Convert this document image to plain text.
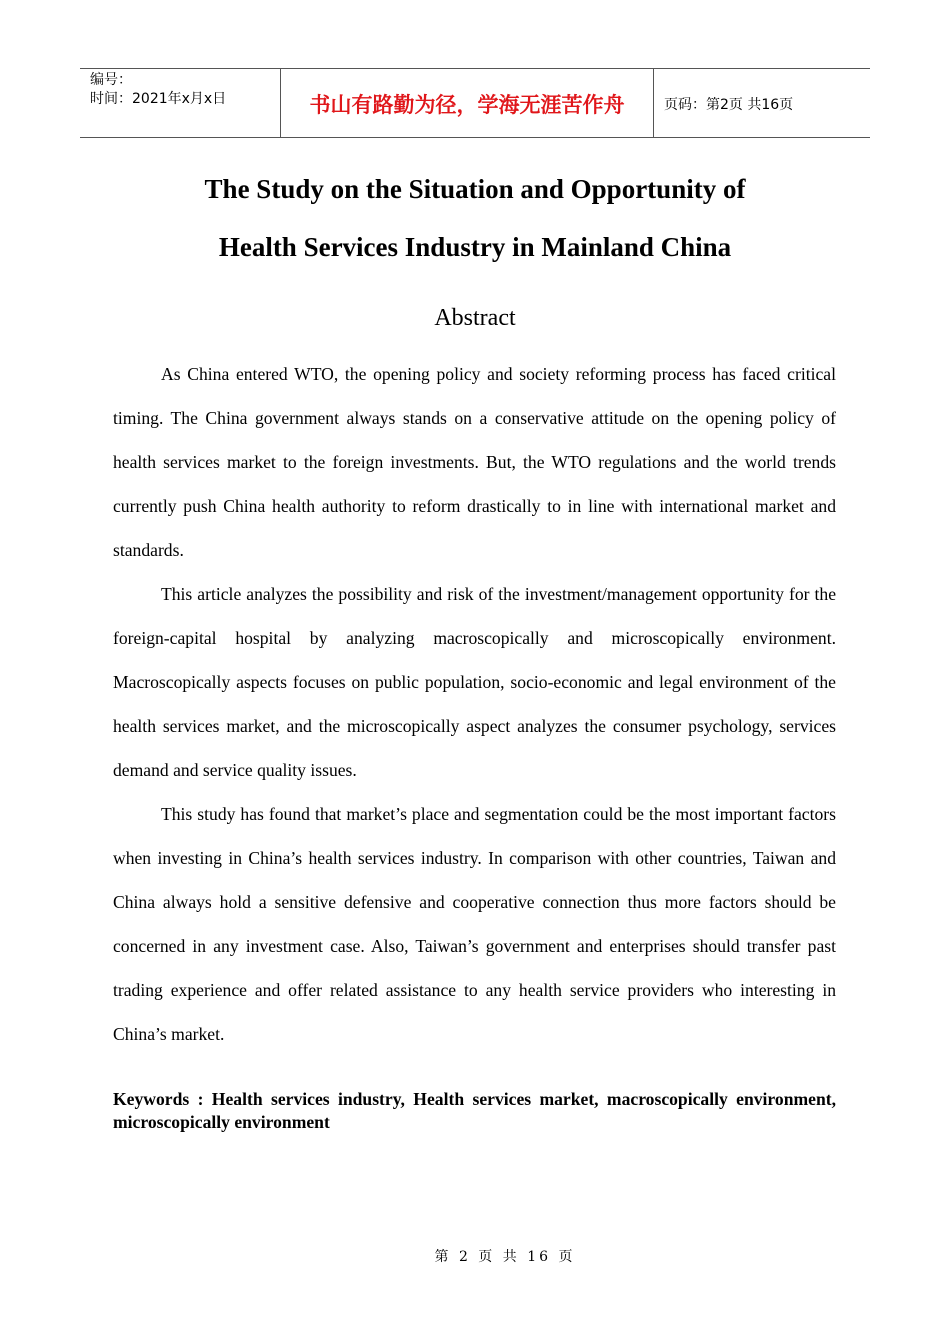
编号：
时间：2021年x月x日	书山有路勤为径，学海无涯苦作舟	页码：第2页 共16页
The Study on the Situation and Opportunity of
Health Services Industry in Mainland China
Abstract

As China entered WTO, the opening policy and society reforming process has faced critical timing. The China government always stands on a conservative attitude on the opening policy of health services market to the foreign investments. But, the WTO regulations and the world trends currently push China health authority to reform drastically to in line with international market and standards.

This article analyzes the possibility and risk of the investment/management opportunity for the foreign-capital hospital by analyzing macroscopically and microscopically environment. Macroscopically aspects focuses on public population, socio-economic and legal environment of the health services market, and the microscopically aspect analyzes the consumer psychology, services demand and service quality issues.

This study has found that market’s place and segmentation could be the most important factors when investing in China’s health services industry. In comparison with other countries, Taiwan and China always hold a sensitive defensive and cooperative connection thus more factors should be concerned in any investment case. Also, Taiwan’s government and enterprises should transfer past trading experience and offer related assistance to any health service providers who interesting in China’s market.

Keywords : Health services industry, Health services market, macroscopically environment, microscopically environment
第 2 页 共 16 页
